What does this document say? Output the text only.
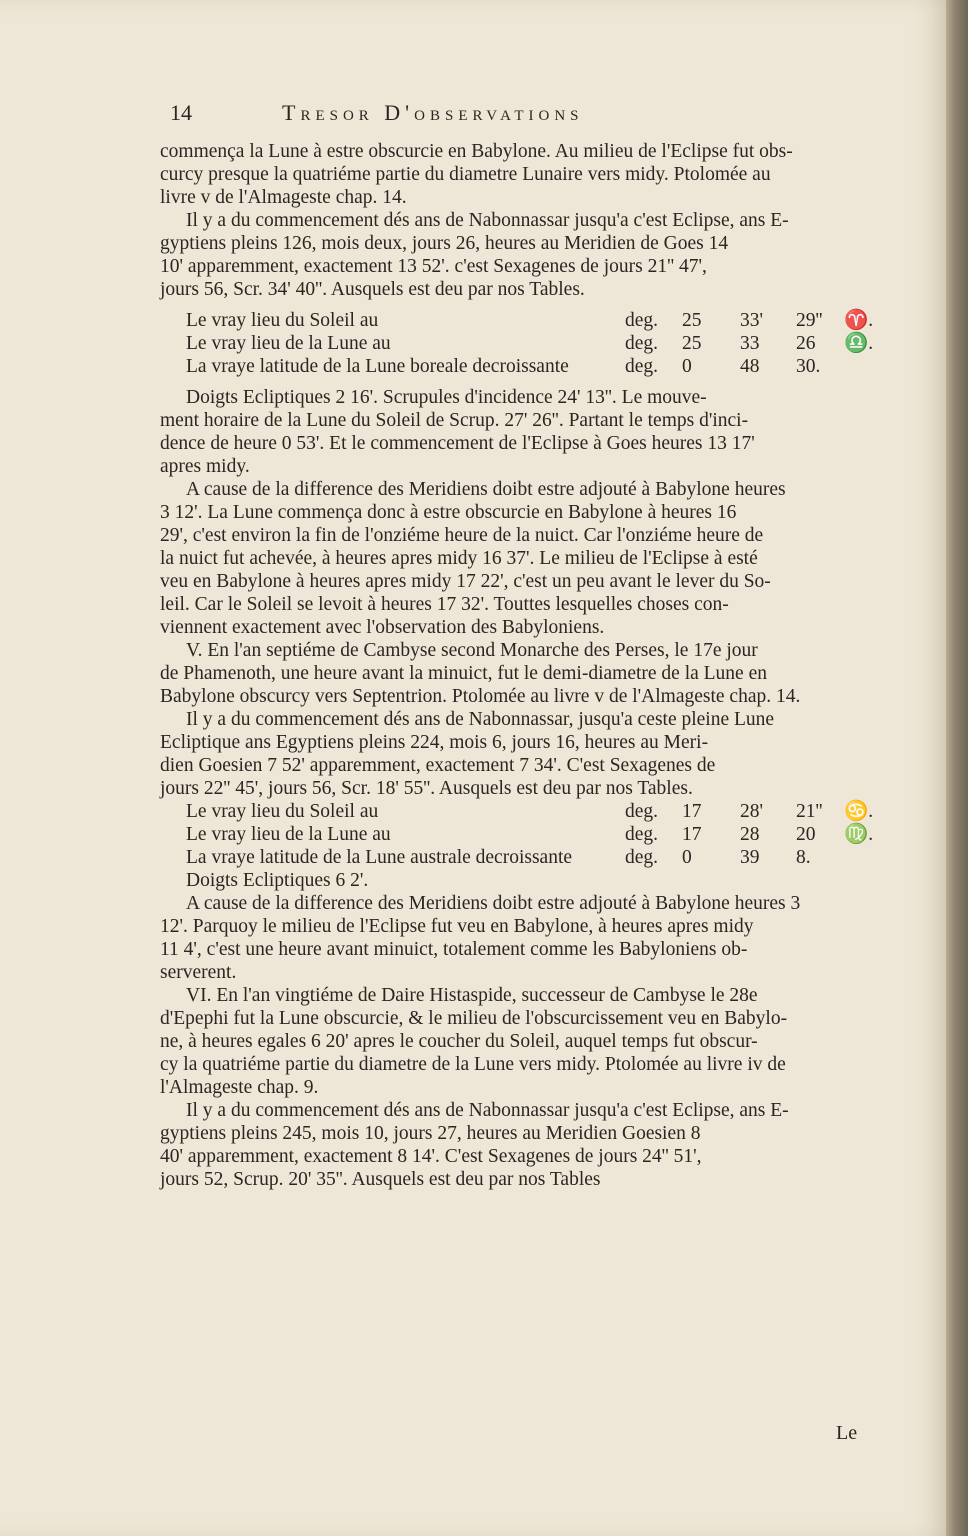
14	Tresor D'observations
commença la Lune à estre obscurcie en Babylone. Au milieu de l'Eclipse fut obs-
curcy presque la quatriéme partie du diametre Lunaire vers midy. Ptolomée au
livre v de l'Almageste chap. 14.
Il y a du commencement dés ans de Nabonnassar jusqu'a c'est Eclipse, ans E-
gyptiens pleins 126, mois deux, jours 26, heures au Meridien de Goes 14
10' apparemment, exactement 13 52'. c'est Sexagenes de jours 21'' 47',
jours 56, Scr. 34' 40''. Ausquels est deu par nos Tables.
Le vray lieu du Soleil au	deg. 25 33' 29'' ♈.
Le vray lieu de la Lune au	deg. 25 33 26 ♎.
La vraye latitude de la Lune boreale decroissante	deg. 0 48 30.
Doigts Ecliptiques 2 16'. Scrupules d'incidence 24' 13''. Le mouve-
ment horaire de la Lune du Soleil de Scrup. 27' 26''. Partant le temps d'inci-
dence de heure 0 53'. Et le commencement de l'Eclipse à Goes heures 13 17'
apres midy.
A cause de la difference des Meridiens doibt estre adjouté à Babylone heures
3 12'. La Lune commença donc à estre obscurcie en Babylone à heures 16
29', c'est environ la fin de l'onziéme heure de la nuict. Car l'onziéme heure de
la nuict fut achevée, à heures apres midy 16 37'. Le milieu de l'Eclipse à esté
veu en Babylone à heures apres midy 17 22', c'est un peu avant le lever du So-
leil. Car le Soleil se levoit à heures 17 32'. Touttes lesquelles choses con-
viennent exactement avec l'observation des Babyloniens.
V. En l'an septiéme de Cambyse second Monarche des Perses, le 17e jour
de Phamenoth, une heure avant la minuict, fut le demi-diametre de la Lune en
Babylone obscurcy vers Septentrion. Ptolomée au livre v de l'Almageste chap. 14.
Il y a du commencement dés ans de Nabonnassar, jusqu'a ceste pleine Lune
Ecliptique ans Egyptiens pleins 224, mois 6, jours 16, heures au Meri-
dien Goesien 7 52' apparemment, exactement 7 34'. C'est Sexagenes de
jours 22'' 45', jours 56, Scr. 18' 55''. Ausquels est deu par nos Tables.
Le vray lieu du Soleil au	deg. 17 28' 21'' ♋.
Le vray lieu de la Lune au	deg. 17 28 20 ♍.
La vraye latitude de la Lune australe decroissante	deg. 0 39 8.
Doigts Ecliptiques 6 2'.
A cause de la difference des Meridiens doibt estre adjouté à Babylone heures 3
12'. Parquoy le milieu de l'Eclipse fut veu en Babylone, à heures apres midy
11 4', c'est une heure avant minuict, totalement comme les Babyloniens ob-
serverent.
VI. En l'an vingtiéme de Daire Histaspide, successeur de Cambyse le 28e
d'Epephi fut la Lune obscurcie, & le milieu de l'obscurcissement veu en Babylo-
ne, à heures egales 6 20' apres le coucher du Soleil, auquel temps fut obscur-
cy la quatriéme partie du diametre de la Lune vers midy. Ptolomée au livre iv de
l'Almageste chap. 9.
Il y a du commencement dés ans de Nabonnassar jusqu'a c'est Eclipse, ans E-
gyptiens pleins 245, mois 10, jours 27, heures au Meridien Goesien 8
40' apparemment, exactement 8 14'. C'est Sexagenes de jours 24'' 51',
jours 52, Scrup. 20' 35''. Ausquels est deu par nos Tables
Le
